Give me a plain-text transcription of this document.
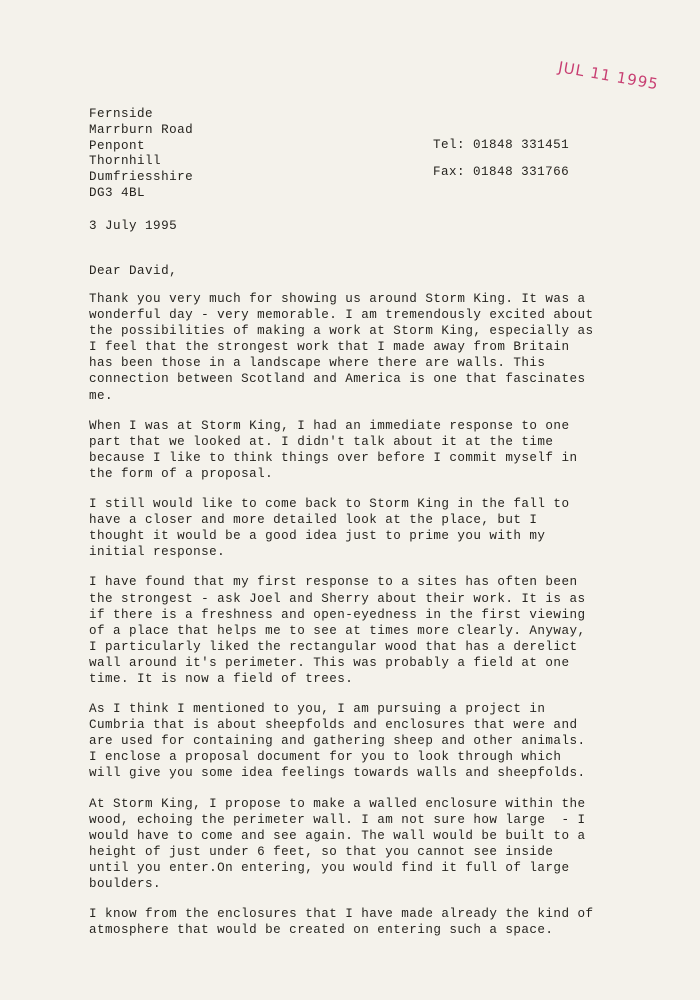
JUL 11 1995
Fernside
Marrburn Road
Penpont
Thornhill
Dumfriesshire
DG3 4BL
Tel: 01848 331451
Fax: 01848 331766
3 July 1995
Dear David,

Thank you very much for showing us around Storm King. It was a
wonderful day - very memorable. I am tremendously excited about
the possibilities of making a work at Storm King, especially as
I feel that the strongest work that I made away from Britain
has been those in a landscape where there are walls. This
connection between Scotland and America is one that fascinates
me.

When I was at Storm King, I had an immediate response to one
part that we looked at. I didn't talk about it at the time
because I like to think things over before I commit myself in
the form of a proposal.

I still would like to come back to Storm King in the fall to
have a closer and more detailed look at the place, but I
thought it would be a good idea just to prime you with my
initial response.

I have found that my first response to a sites has often been
the strongest - ask Joel and Sherry about their work. It is as
if there is a freshness and open-eyedness in the first viewing
of a place that helps me to see at times more clearly. Anyway,
I particularly liked the rectangular wood that has a derelict
wall around it's perimeter. This was probably a field at one
time. It is now a field of trees.

As I think I mentioned to you, I am pursuing a project in
Cumbria that is about sheepfolds and enclosures that were and
are used for containing and gathering sheep and other animals.
I enclose a proposal document for you to look through which
will give you some idea feelings towards walls and sheepfolds.

At Storm King, I propose to make a walled enclosure within the
wood, echoing the perimeter wall. I am not sure how large  - I
would have to come and see again. The wall would be built to a
height of just under 6 feet, so that you cannot see inside
until you enter.On entering, you would find it full of large
boulders.

I know from the enclosures that I have made already the kind of
atmosphere that would be created on entering such a space.
